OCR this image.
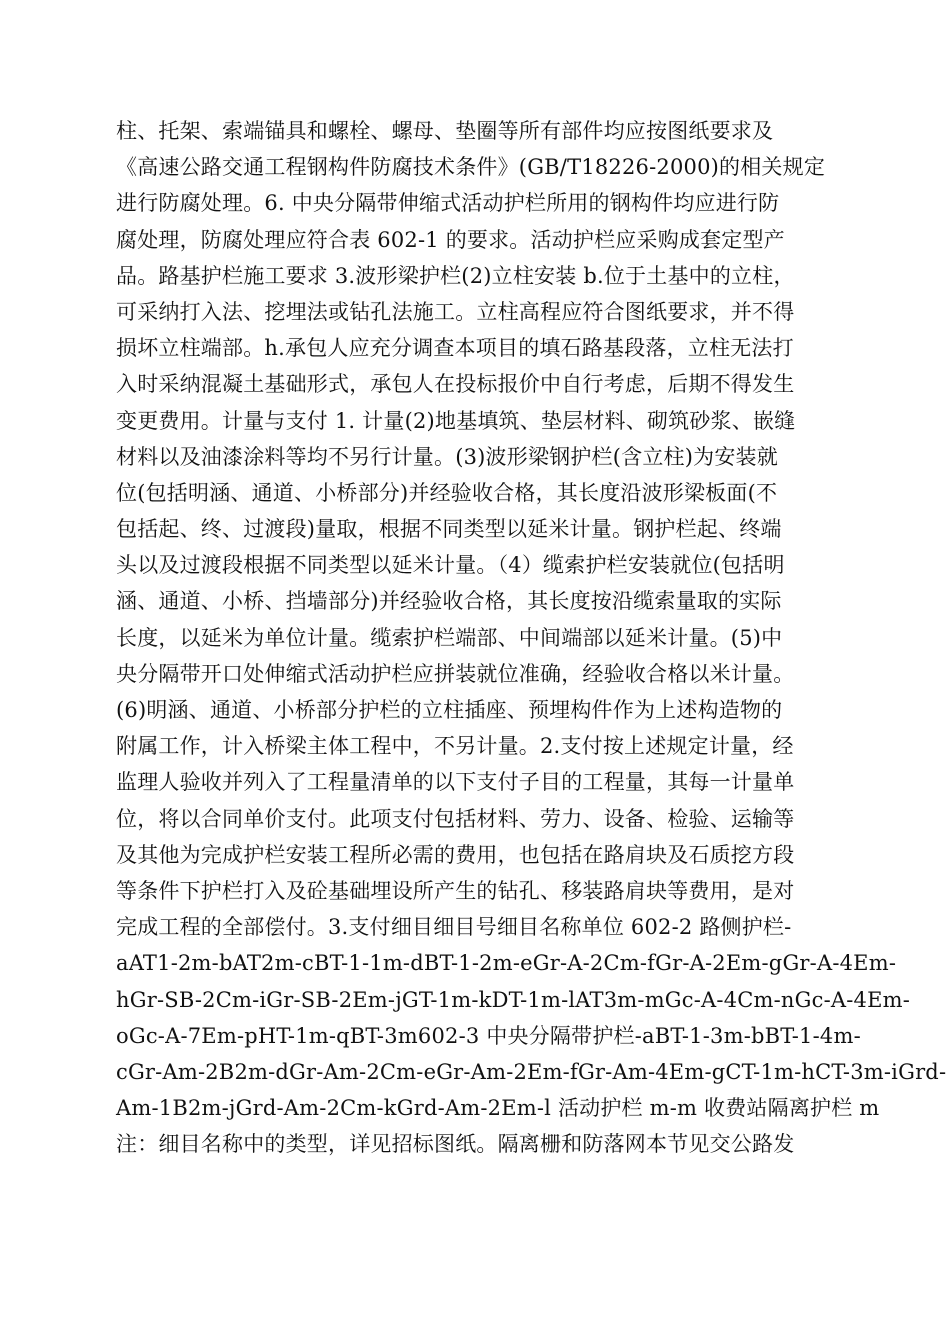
柱、托架、索端锚具和螺栓、螺母、垫圈等所有部件均应按图纸要求及
《高速公路交通工程钢构件防腐技术条件》(GB/T18226-2000)的相关规定
进行防腐处理。6. 中央分隔带伸缩式活动护栏所用的钢构件均应进行防
腐处理，防腐处理应符合表 602-1 的要求。活动护栏应采购成套定型产
品。路基护栏施工要求 3.波形梁护栏(2)立柱安装 b.位于土基中的立柱，
可采纳打入法、挖埋法或钻孔法施工。立柱高程应符合图纸要求，并不得
损坏立柱端部。h.承包人应充分调查本项目的填石路基段落，立柱无法打
入时采纳混凝土基础形式，承包人在投标报价中自行考虑，后期不得发生
变更费用。计量与支付 1. 计量(2)地基填筑、垫层材料、砌筑砂浆、嵌缝
材料以及油漆涂料等均不另行计量。(3)波形梁钢护栏(含立柱)为安装就
位(包括明涵、通道、小桥部分)并经验收合格，其长度沿波形梁板面(不
包括起、终、过渡段)量取，根据不同类型以延米计量。钢护栏起、终端
头以及过渡段根据不同类型以延米计量。（4）缆索护栏安装就位(包括明
涵、通道、小桥、挡墙部分)并经验收合格，其长度按沿缆索量取的实际
长度，以延米为单位计量。缆索护栏端部、中间端部以延米计量。(5)中
央分隔带开口处伸缩式活动护栏应拼装就位准确，经验收合格以米计量。
(6)明涵、通道、小桥部分护栏的立柱插座、预埋构件作为上述构造物的
附属工作，计入桥梁主体工程中，不另计量。2.支付按上述规定计量，经
监理人验收并列入了工程量清单的以下支付子目的工程量，其每一计量单
位，将以合同单价支付。此项支付包括材料、劳力、设备、检验、运输等
及其他为完成护栏安装工程所必需的费用，也包括在路肩块及石质挖方段
等条件下护栏打入及砼基础埋设所产生的钻孔、移装路肩块等费用，是对
完成工程的全部偿付。3.支付细目细目号细目名称单位 602-2 路侧护栏-
aAT1-2m-bAT2m-cBT-1-1m-dBT-1-2m-eGr-A-2Cm-fGr-A-2Em-gGr-A-4Em-
hGr-SB-2Cm-iGr-SB-2Em-jGT-1m-kDT-1m-lAT3m-mGc-A-4Cm-nGc-A-4Em-
oGc-A-7Em-pHT-1m-qBT-3m602-3 中央分隔带护栏-aBT-1-3m-bBT-1-4m-
cGr-Am-2B2m-dGr-Am-2Cm-eGr-Am-2Em-fGr-Am-4Em-gCT-1m-hCT-3m-iGrd-
Am-1B2m-jGrd-Am-2Cm-kGrd-Am-2Em-l 活动护栏 m-m 收费站隔离护栏 m
注：细目名称中的类型，详见招标图纸。隔离栅和防落网本节见交公路发
